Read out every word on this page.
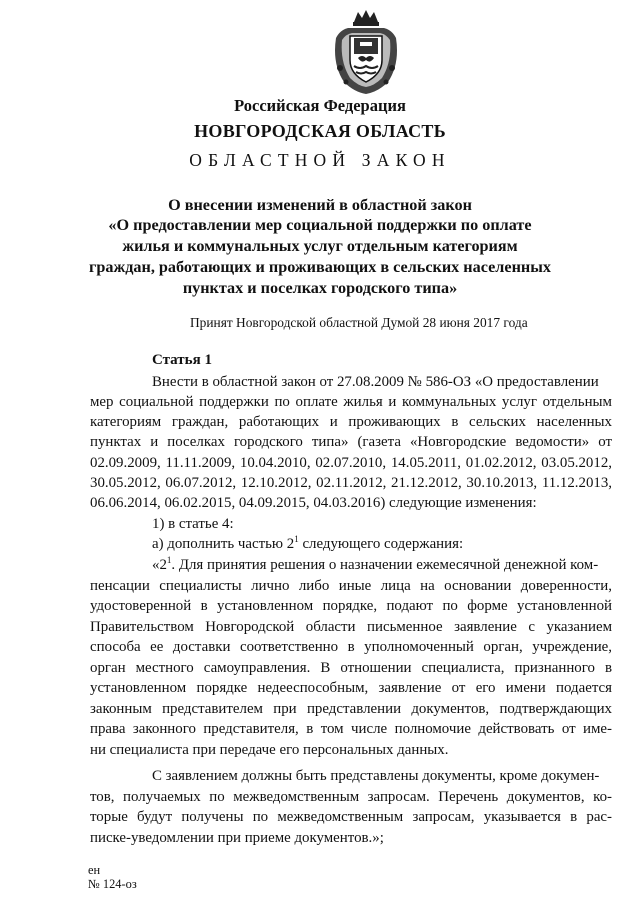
Российская Федерация
НОВГОРОДСКАЯ ОБЛАСТЬ
ОБЛАСТНОЙ ЗАКОН
О внесении изменений в областной закон
«О предоставлении мер социальной поддержки по оплате
жилья и коммунальных услуг отдельным категориям
граждан, работающих и проживающих в сельских населенных
пунктах и поселках городского типа»
Принят Новгородской областной Думой 28 июня 2017 года
Статья 1
Внести в областной закон от 27.08.2009 № 586-ОЗ «О предоставлении
мер социальной поддержки по оплате жилья и коммунальных услуг отдельным
категориям граждан, работающих и проживающих в сельских населенных
пунктах и поселках городского типа» (газета «Новгородские ведомости» от
02.09.2009, 11.11.2009, 10.04.2010, 02.07.2010, 14.05.2011, 01.02.2012, 03.05.2012,
30.05.2012, 06.07.2012, 12.10.2012, 02.11.2012, 21.12.2012, 30.10.2013, 11.12.2013,
06.06.2014, 06.02.2015, 04.09.2015, 04.03.2016) следующие изменения:
1) в статье 4:
а) дополнить частью $2^1$ следующего содержания:
«$2^1$. Для принятия решения о назначении ежемесячной денежной ком-
пенсации специалисты лично либо иные лица на основании доверенности,
удостоверенной в установленном порядке, подают по форме установленной
Правительством Новгородской области письменное заявление с указанием
способа ее доставки соответственно в уполномоченный орган, учреждение,
орган местного самоуправления. В отношении специалиста, признанного в
установленном порядке недееспособным, заявление от его имени подается
законным представителем при представлении документов, подтверждающих
права законного представителя, в том числе полномочие действовать от име-
ни специалиста при передаче его персональных данных.
С заявлением должны быть представлены документы, кроме докумен-
тов, получаемых по межведомственным запросам. Перечень документов, ко-
торые будут получены по межведомственным запросам, указывается в рас-
писке-уведомлении при приеме документов.»;
ен
№ 124-оз
